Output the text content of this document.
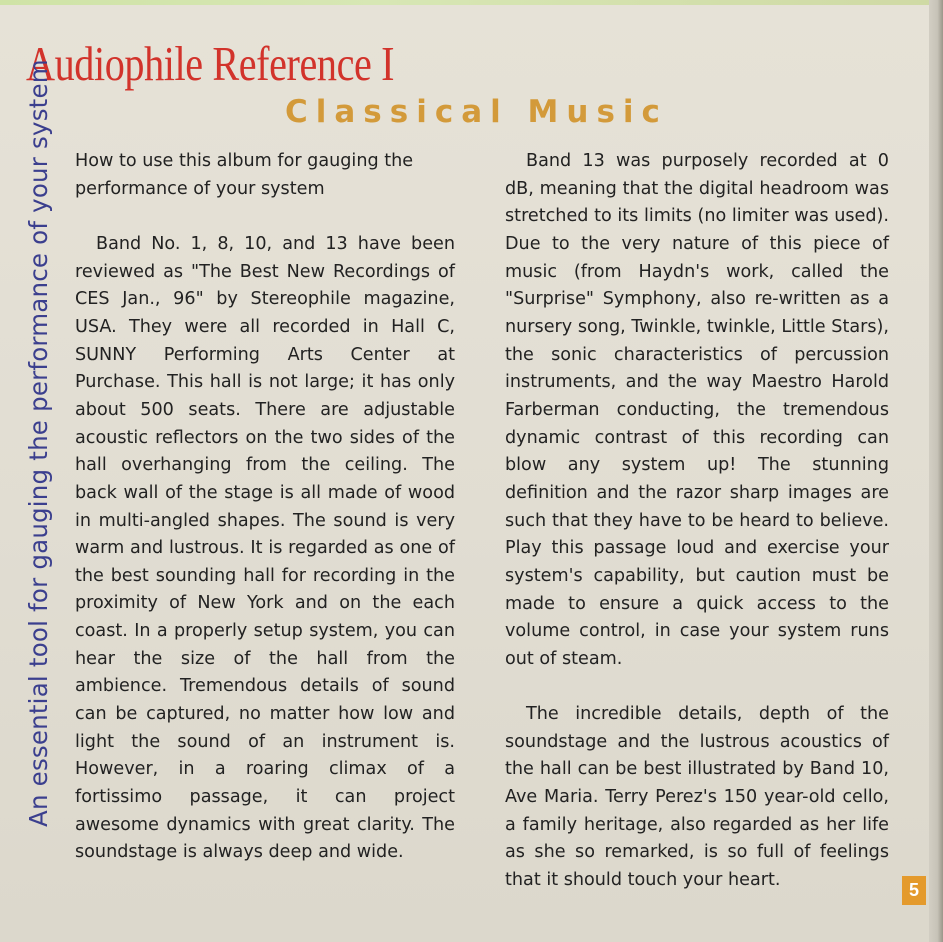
Audiophile Reference I
Classical Music
An essential tool for gauging the performance of your system How to use this album for gauging the performance of your system

Band No. 1, 8, 10, and 13 have been reviewed as "The Best New Recordings of CES Jan., 96" by Stereophile magazine, USA. They were all recorded in Hall C, SUNNY Performing Arts Center at Purchase. This hall is not large; it has only about 500 seats. There are adjustable acoustic reflectors on the two sides of the hall overhanging from the ceiling. The back wall of the stage is all made of wood in multi-angled shapes. The sound is very warm and lustrous. It is regarded as one of the best sounding hall for recording in the proximity of New York and on the each coast. In a properly setup system, you can hear the size of the hall from the ambience. Tremendous details of sound can be captured, no matter how low and light the sound of an instrument is. However, in a roaring climax of a fortissimo passage, it can project awesome dynamics with great clarity. The soundstage is always deep and wide.

Band 13 was purposely recorded at 0 dB, meaning that the digital headroom was stretched to its limits (no limiter was used). Due to the very nature of this piece of music (from Haydn's work, called the "Surprise" Symphony, also re-written as a nursery song, Twinkle, twinkle, Little Stars), the sonic characteristics of percussion instruments, and the way Maestro Harold Farberman conducting, the tremendous dynamic contrast of this recording can blow any system up! The stunning definition and the razor sharp images are such that they have to be heard to believe. Play this passage loud and exercise your system's capability, but caution must be made to ensure a quick access to the volume control, in case your system runs out of steam.

The incredible details, depth of the soundstage and the lustrous acoustics of the hall can be best illustrated by Band 10, Ave Maria. Terry Perez's 150 year-old cello, a family heritage, also regarded as her life as she so remarked, is so full of feelings that it should touch your heart.	5
